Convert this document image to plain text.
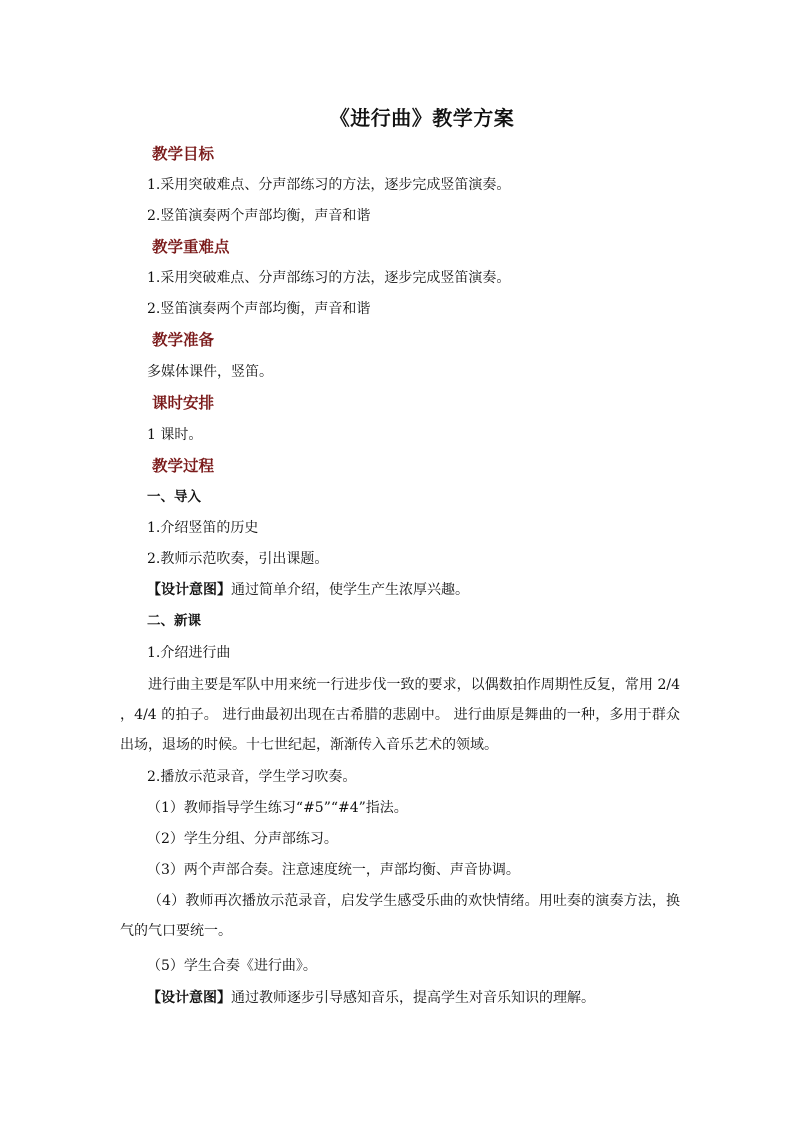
《进行曲》教学方案
教学目标
1.采用突破难点、分声部练习的方法，逐步完成竖笛演奏。
2.竖笛演奏两个声部均衡，声音和谐
教学重难点
1.采用突破难点、分声部练习的方法，逐步完成竖笛演奏。
2.竖笛演奏两个声部均衡，声音和谐
教学准备
多媒体课件，竖笛。
课时安排
1 课时。
教学过程
一、导入
1.介绍竖笛的历史
2.教师示范吹奏，引出课题。
【设计意图】通过简单介绍，使学生产生浓厚兴趣。
二、新课
1.介绍进行曲
进行曲主要是军队中用来统一行进步伐一致的要求，以偶数拍作周期性反复，常用 2/4 ，4/4 的拍子。 进行曲最初出现在古希腊的悲剧中。 进行曲原是舞曲的一种，多用于群众出场，退场的时候。十七世纪起，渐渐传入音乐艺术的领域。
2.播放示范录音，学生学习吹奏。
（1）教师指导学生练习“#5”“#4”指法。
（2）学生分组、分声部练习。
（3）两个声部合奏。注意速度统一，声部均衡、声音协调。
（4）教师再次播放示范录音，启发学生感受乐曲的欢快情绪。用吐奏的演奏方法，换气的气口要统一。
（5）学生合奏《进行曲》。
【设计意图】通过教师逐步引导感知音乐，提高学生对音乐知识的理解。
